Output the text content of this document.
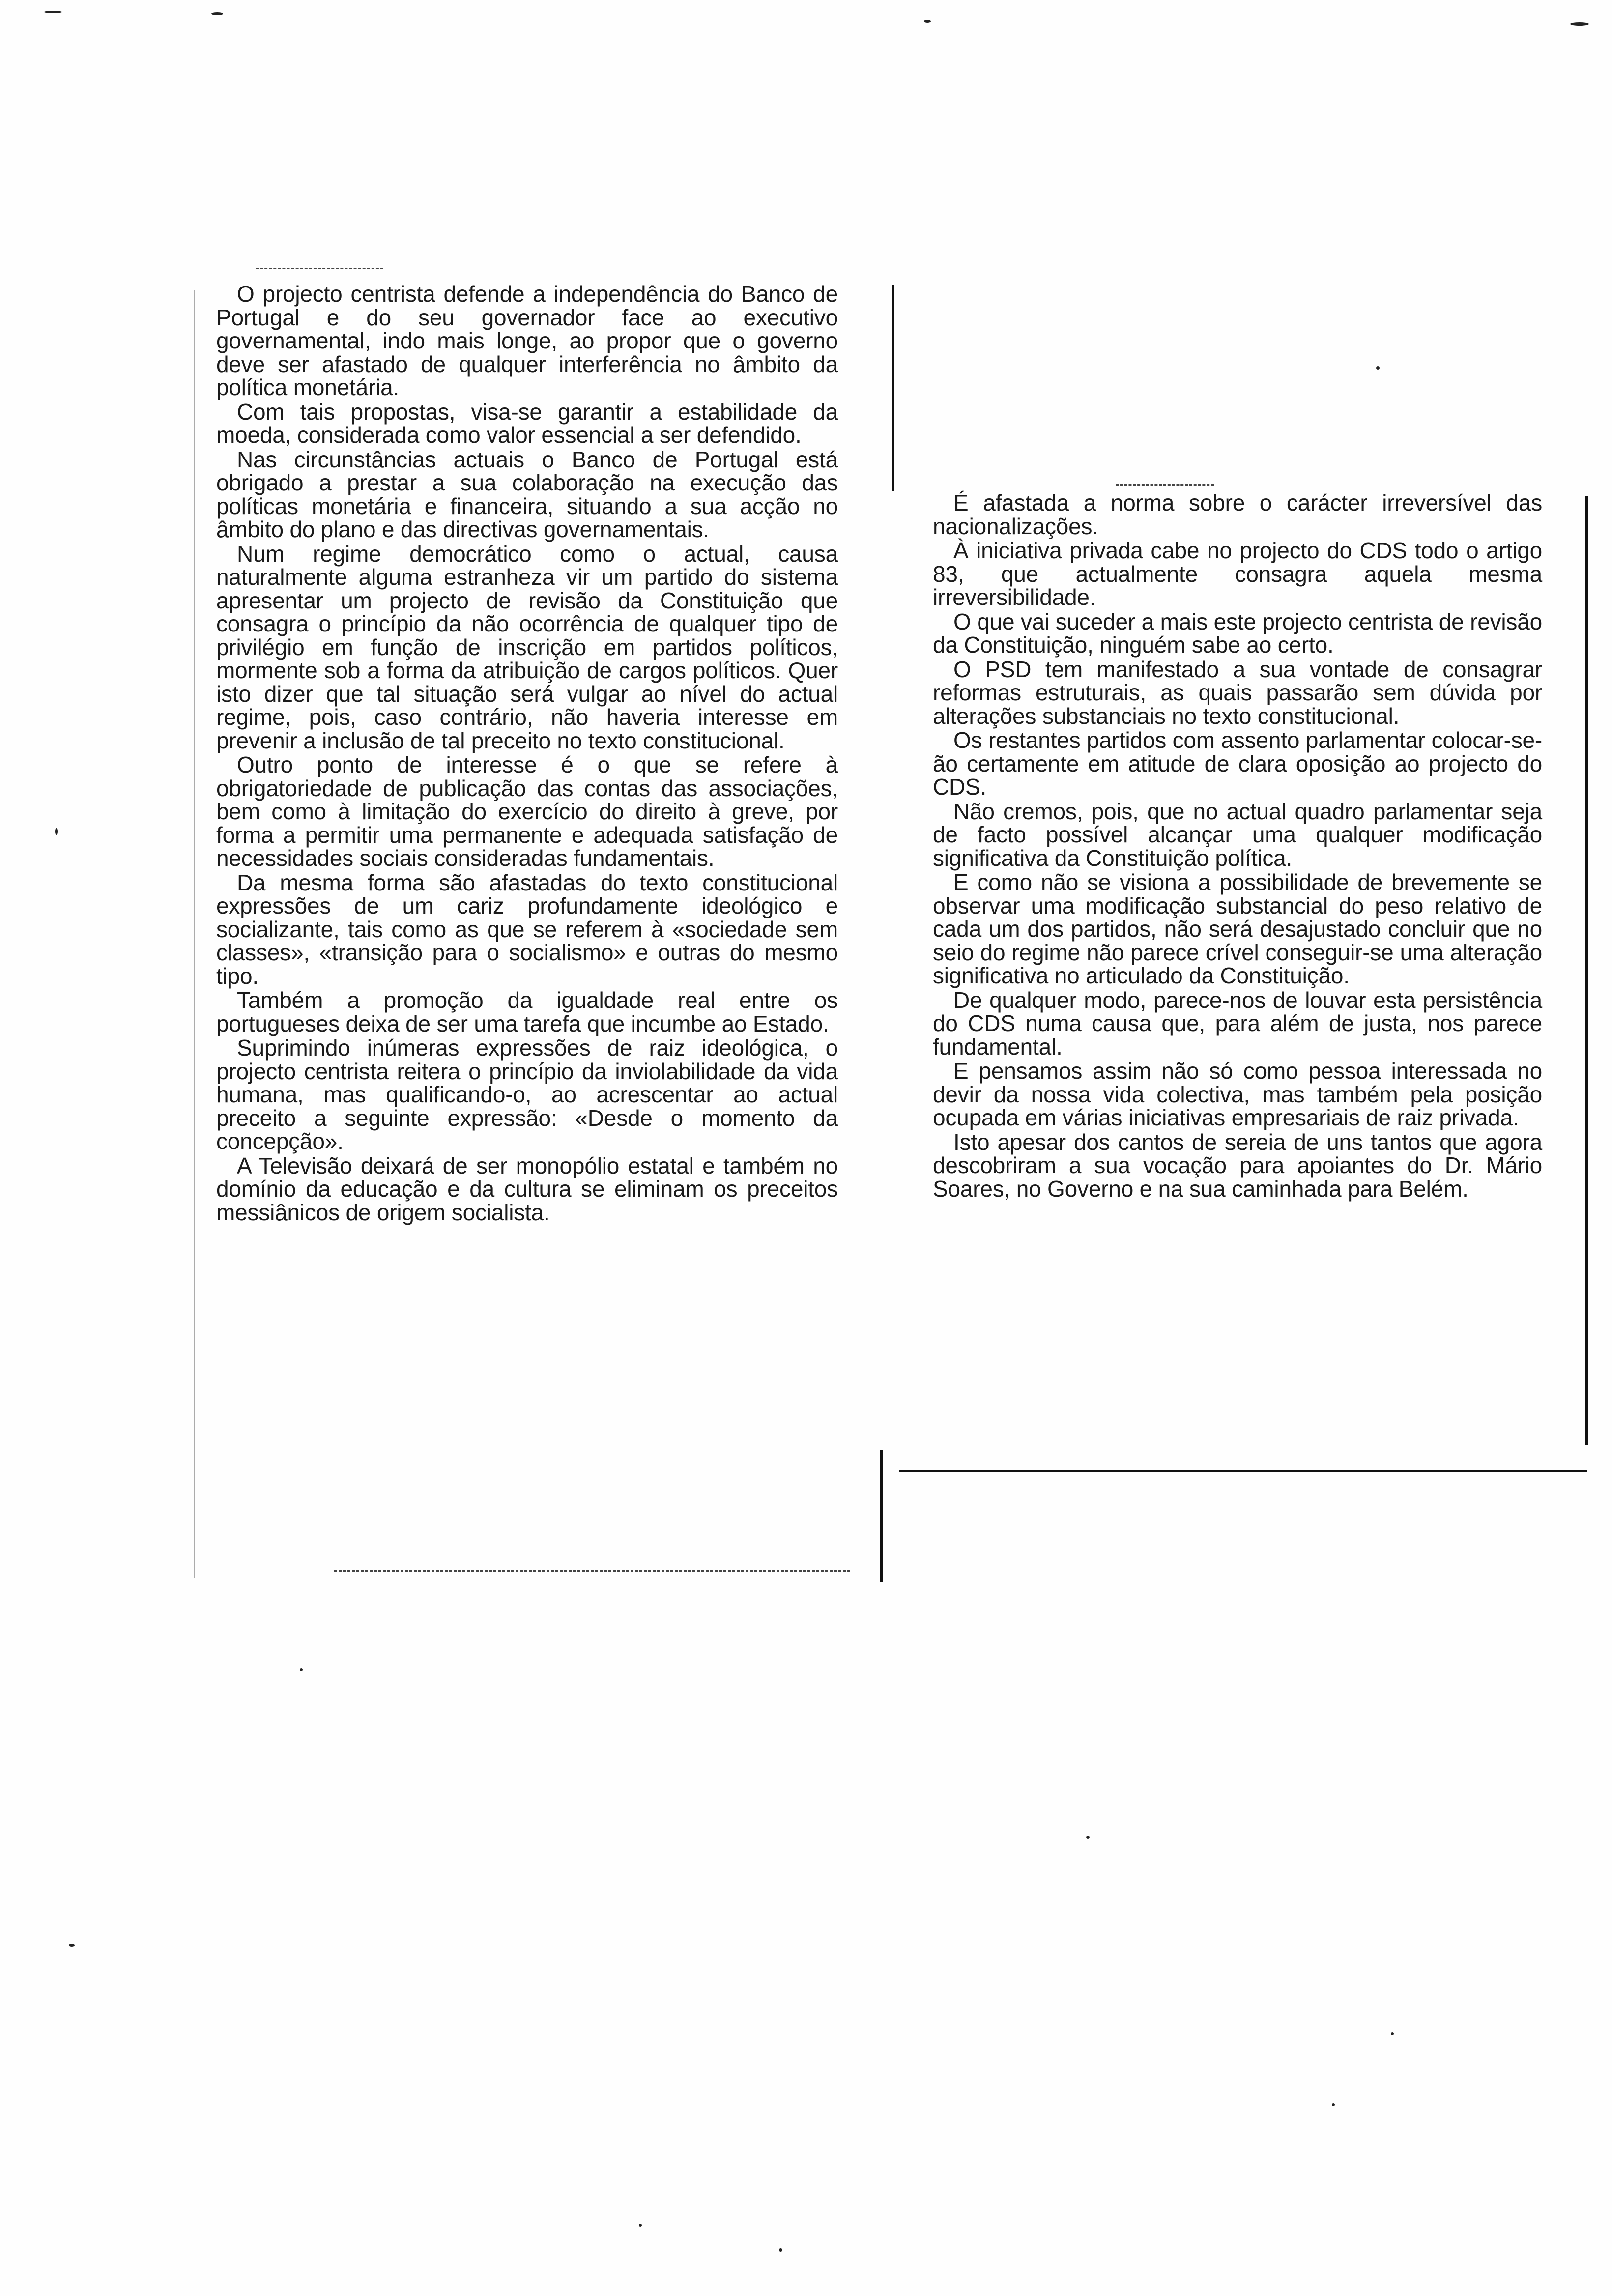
O projecto centrista defende a independência do Banco de Portugal e do seu governador face ao executivo governamental, indo mais longe, ao propor que o governo deve ser afastado de qualquer interferência no âmbito da política monetária.

Com tais propostas, visa-se garantir a estabilidade da moeda, considerada como valor essencial a ser defendido.

Nas circunstâncias actuais o Banco de Portugal está obrigado a prestar a sua colaboração na execução das políticas monetária e financeira, situando a sua acção no âmbito do plano e das directivas governamentais.

Num regime democrático como o actual, causa naturalmente alguma estranheza vir um partido do sistema apresentar um projecto de revisão da Constituição que consagra o princípio da não ocorrência de qualquer tipo de privilégio em função de inscrição em partidos políticos, mormente sob a forma da atribuição de cargos políticos. Quer isto dizer que tal situação será vulgar ao nível do actual regime, pois, caso contrário, não haveria interesse em prevenir a inclusão de tal preceito no texto constitucional.

Outro ponto de interesse é o que se refere à obrigatoriedade de publicação das contas das associações, bem como à limitação do exercício do direito à greve, por forma a permitir uma permanente e adequada satisfação de necessidades sociais consideradas fundamentais.

Da mesma forma são afastadas do texto constitucional expressões de um cariz profundamente ideológico e socializante, tais como as que se referem à «sociedade sem classes», «transição para o socialismo» e outras do mesmo tipo.

Também a promoção da igualdade real entre os portugueses deixa de ser uma tarefa que incumbe ao Estado.

Suprimindo inúmeras expressões de raiz ideológica, o projecto centrista reitera o princípio da inviolabilidade da vida humana, mas qualificando-o, ao acrescentar ao actual preceito a seguinte expressão: «Desde o momento da concepção».

A Televisão deixará de ser monopólio estatal e também no domínio da educação e da cultura se eliminam os preceitos messiânicos de origem socialista.

É afastada a norma sobre o carácter irreversível das nacionalizações.

À iniciativa privada cabe no projecto do CDS todo o artigo 83, que actualmente consagra aquela mesma irreversibilidade.

O que vai suceder a mais este projecto centrista de revisão da Constituição, ninguém sabe ao certo.

O PSD tem manifestado a sua vontade de consagrar reformas estruturais, as quais passarão sem dúvida por alterações substanciais no texto constitucional.

Os restantes partidos com assento parlamentar colocar-se-ão certamente em atitude de clara oposição ao projecto do CDS.

Não cremos, pois, que no actual quadro parlamentar seja de facto possível alcançar uma qualquer modificação significativa da Constituição política.

E como não se visiona a possibilidade de brevemente se observar uma modificação substancial do peso relativo de cada um dos partidos, não será desajustado concluir que no seio do regime não parece crível conseguir-se uma alteração significativa no articulado da Constituição.

De qualquer modo, parece-nos de louvar esta persistência do CDS numa causa que, para além de justa, nos parece fundamental.

E pensamos assim não só como pessoa interessada no devir da nossa vida colectiva, mas também pela posição ocupada em várias iniciativas empresariais de raiz privada.

Isto apesar dos cantos de sereia de uns tantos que agora descobriram a sua vocação para apoiantes do Dr. Mário Soares, no Governo e na sua caminhada para Belém.
